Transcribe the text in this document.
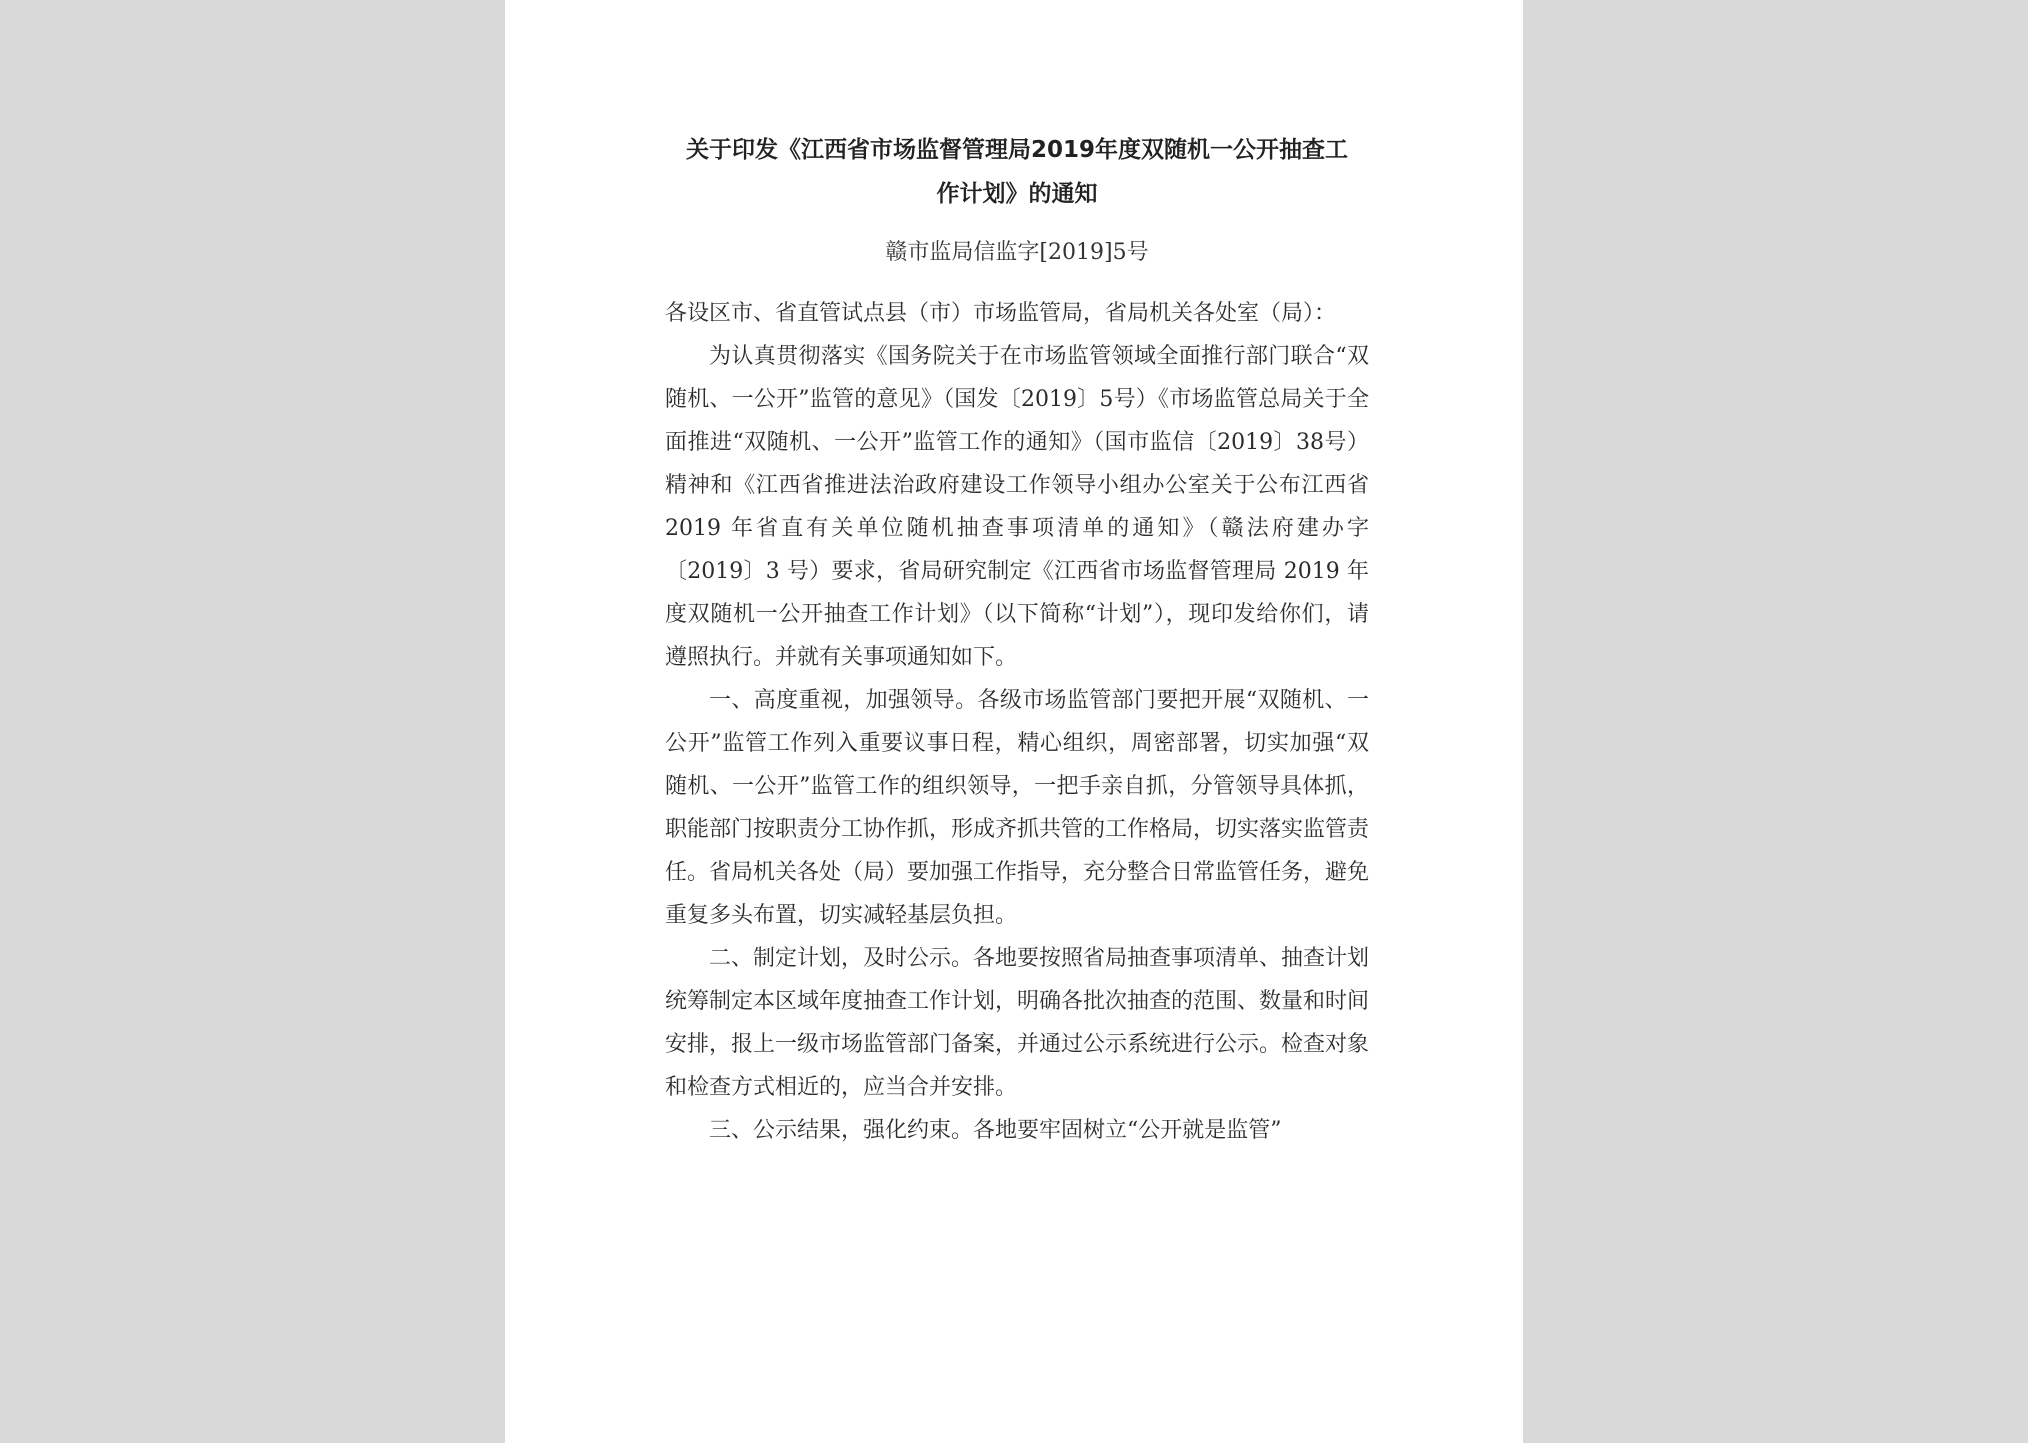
关于印发《江西省市场监督管理局2019年度双随机一公开抽查工
作计划》的通知
赣市监局信监字[2019]5号

各设区市、省直管试点县（市）市场监管局，省局机关各处室（局）：

为认真贯彻落实《国务院关于在市场监管领域全面推行部门联合“双随机、一公开”监管的意见》（国发〔2019〕5号）《市场监管总局关于全面推进“双随机、一公开”监管工作的通知》（国市监信〔2019〕38号）精神和《江西省推进法治政府建设工作领导小组办公室关于公布江西省 2019 年省直有关单位随机抽查事项清单的通知》（赣法府建办字〔2019〕3 号）要求，省局研究制定《江西省市场监督管理局 2019 年度双随机一公开抽查工作计划》（以下简称“计划”），现印发给你们，请遵照执行。并就有关事项通知如下。

一、高度重视，加强领导。各级市场监管部门要把开展“双随机、一公开”监管工作列入重要议事日程，精心组织，周密部署，切实加强“双随机、一公开”监管工作的组织领导，一把手亲自抓，分管领导具体抓，职能部门按职责分工协作抓，形成齐抓共管的工作格局，切实落实监管责任。省局机关各处（局）要加强工作指导，充分整合日常监管任务，避免重复多头布置，切实减轻基层负担。

二、制定计划，及时公示。各地要按照省局抽查事项清单、抽查计划统筹制定本区域年度抽查工作计划，明确各批次抽查的范围、数量和时间安排，报上一级市场监管部门备案，并通过公示系统进行公示。检查对象和检查方式相近的，应当合并安排。

三、公示结果，强化约束。各地要牢固树立“公开就是监管”
